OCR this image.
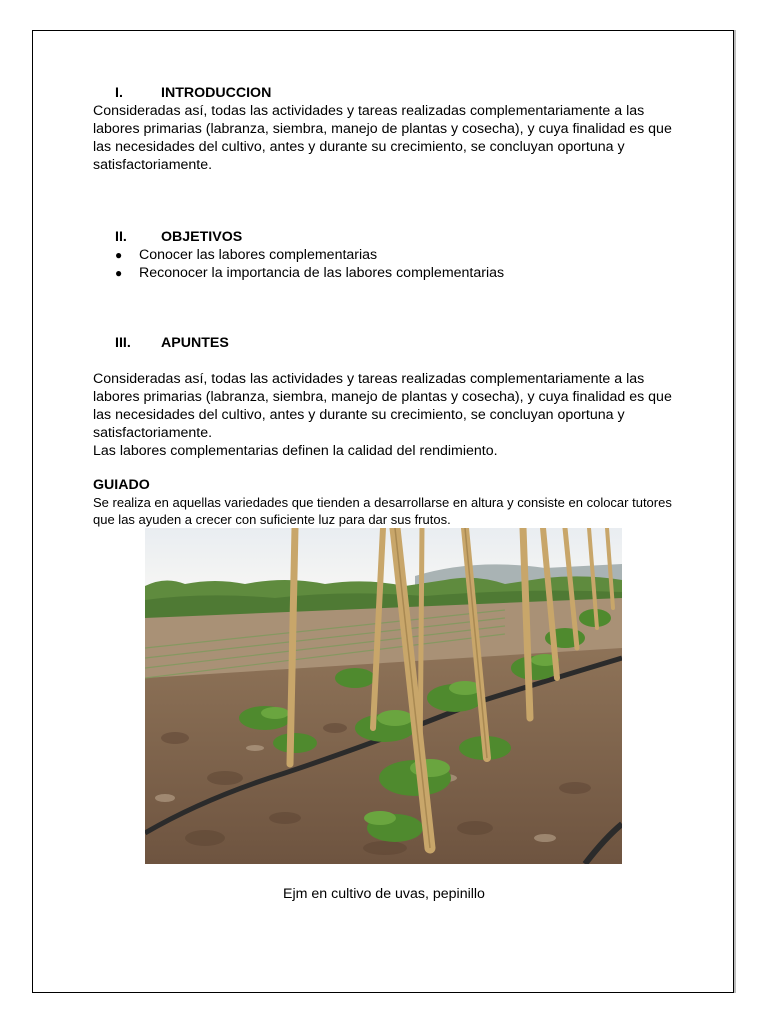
I.	INTRODUCCION

Consideradas así, todas las actividades y tareas realizadas complementariamente a las labores primarias (labranza, siembra, manejo de plantas y cosecha), y cuya finalidad es que las necesidades del cultivo, antes y durante su crecimiento, se concluyan oportuna y satisfactoriamente.

II.	OBJETIVOS
●	Conocer las labores complementarias
●	Reconocer la importancia de las labores complementarias
III.	APUNTES

Consideradas así, todas las actividades y tareas realizadas complementariamente a las labores primarias (labranza, siembra, manejo de plantas y cosecha), y cuya finalidad es que las necesidades del cultivo, antes y durante su crecimiento, se concluyan oportuna y satisfactoriamente.

Las labores complementarias definen la calidad del rendimiento.

GUIADO

Se realiza en aquellas variedades que tienden a desarrollarse en altura y consiste en colocar tutores que las ayuden a crecer con suficiente luz para dar sus frutos.

Ejm en cultivo de uvas, pepinillo
